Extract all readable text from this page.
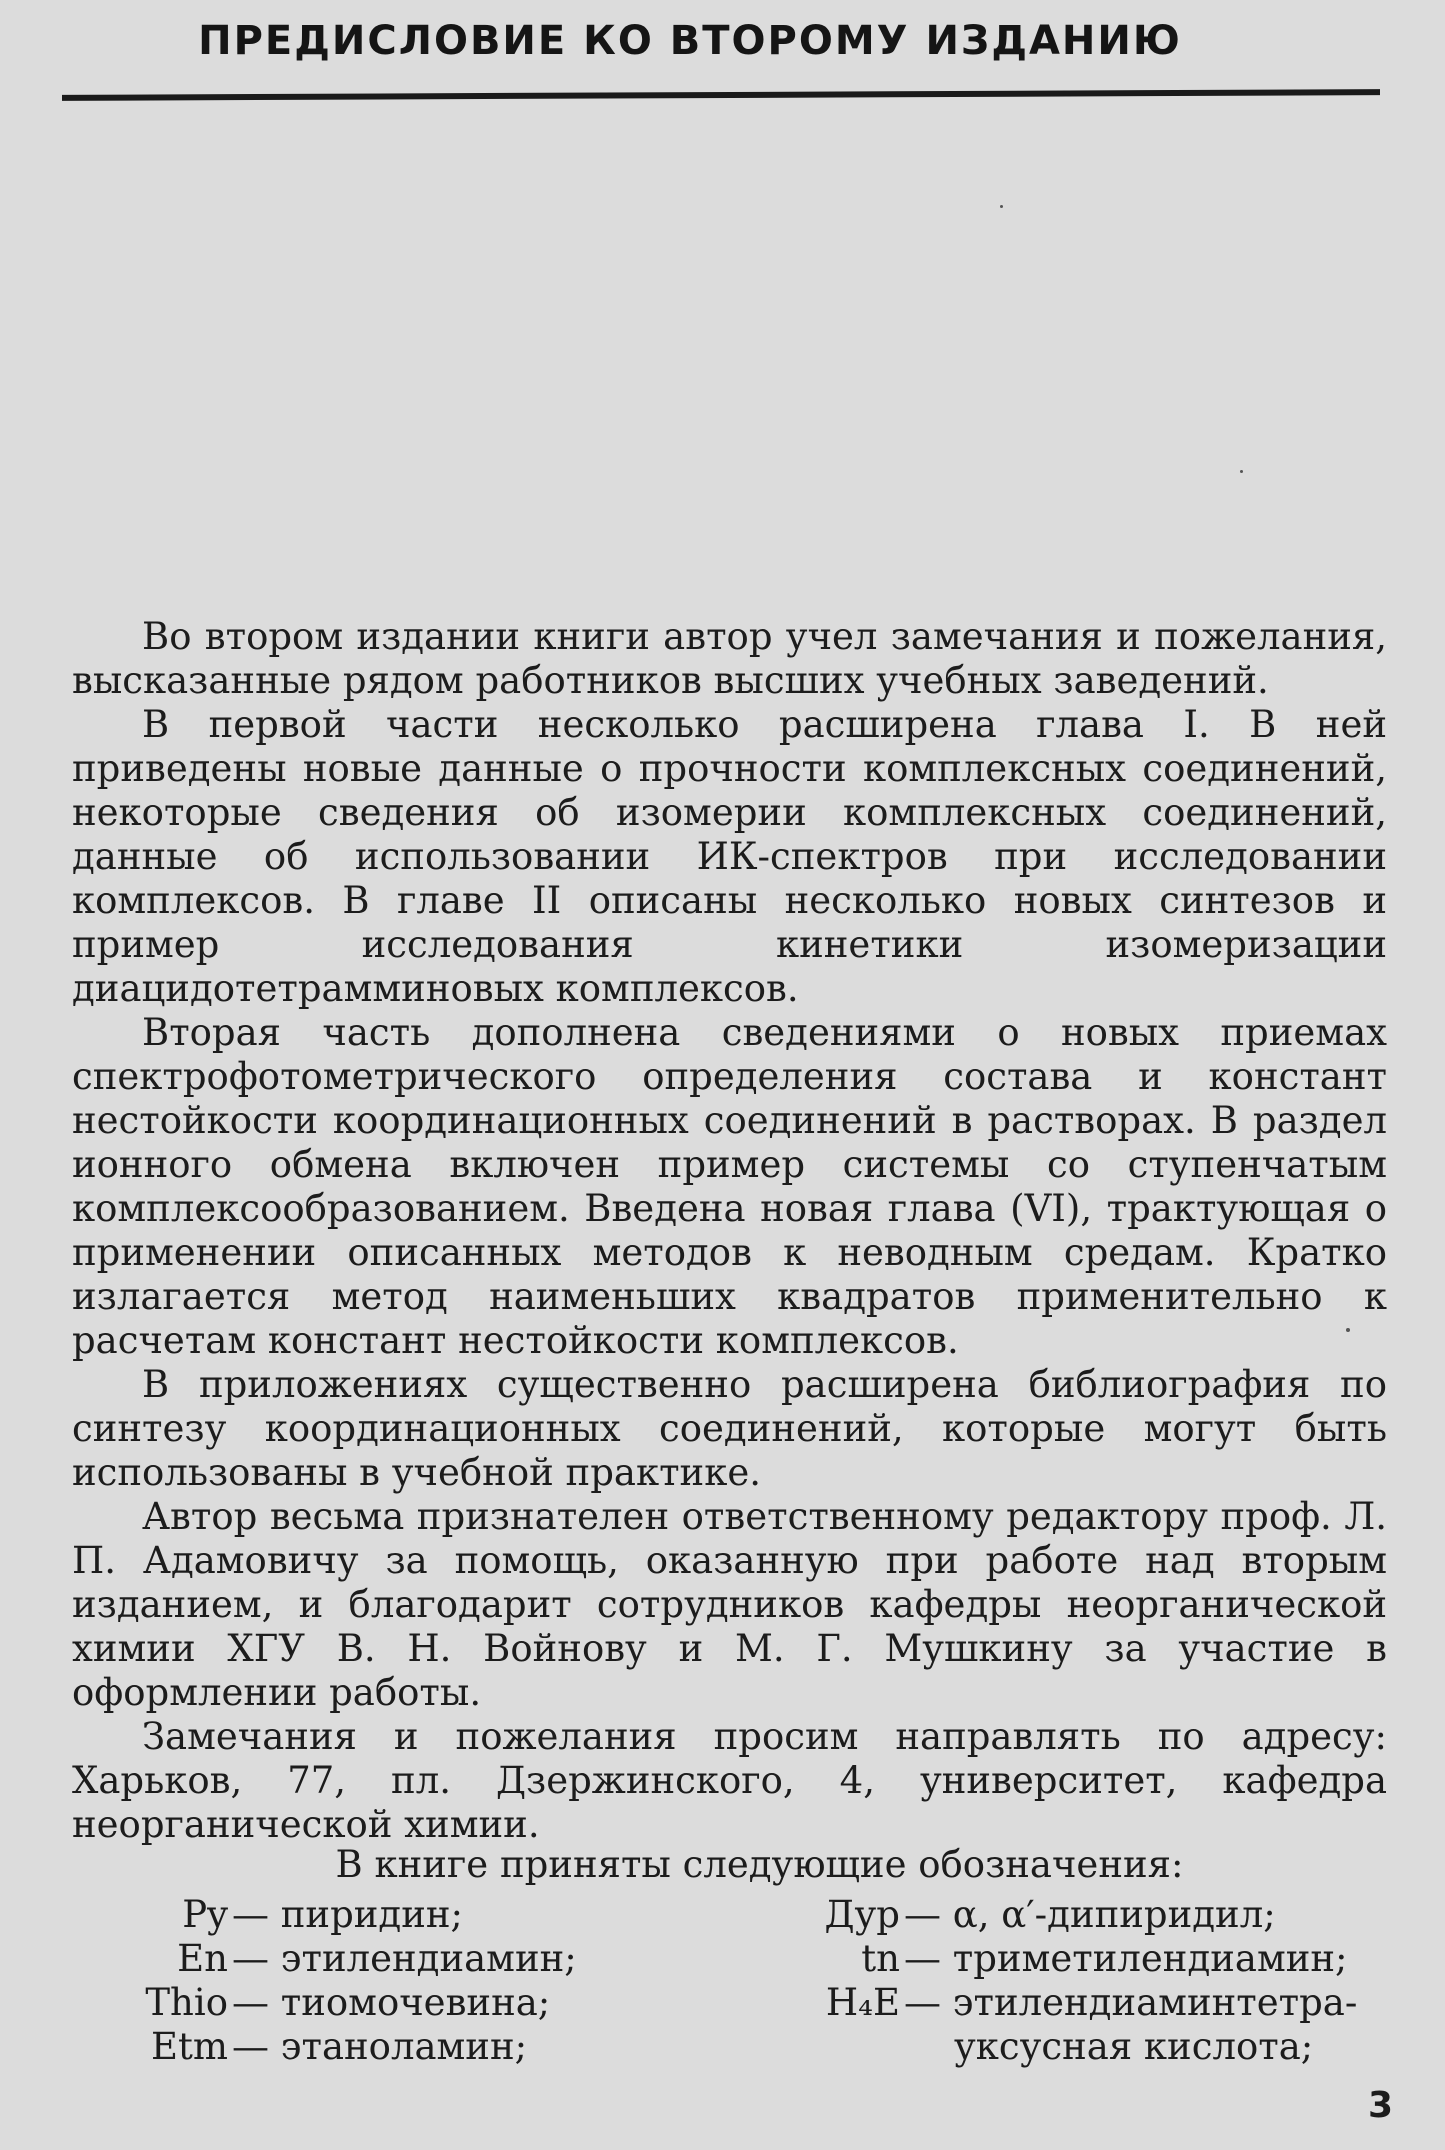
ПРЕДИСЛОВИЕ КО ВТОРОМУ ИЗДАНИЮ

Во втором издании книги автор учел замечания и пожелания, высказанные рядом работников высших учебных заведений.

В первой части несколько расширена глава I. В ней приведены новые данные о прочности комплексных соединений, некоторые сведения об изомерии комплексных соединений, данные об использовании ИК-спектров при исследовании комплексов. В главе II описаны несколько новых синтезов и пример исследования кинетики изомеризации диацидотетрамминовых комплексов.

Вторая часть дополнена сведениями о новых приемах спектрофотометрического определения состава и констант нестойкости координационных соединений в растворах. В раздел ионного обмена включен пример системы со ступенчатым комплексообразованием. Введена новая глава (VI), трактующая о применении описанных методов к неводным средам. Кратко излагается метод наименьших квадратов применительно к расчетам констант нестойкости комплексов.

В приложениях существенно расширена библиография по синтезу координационных соединений, которые могут быть использованы в учебной практике.

Автор весьма признателен ответственному редактору проф. Л. П. Адамовичу за помощь, оказанную при работе над вторым изданием, и благодарит сотрудников кафедры неорганической химии ХГУ В. Н. Войнову и М. Г. Мушкину за участие в оформлении работы.

Замечания и пожелания просим направлять по адресу: Харьков, 77, пл. Дзержинского, 4, университет, кафедра неорганической химии.

В книге приняты следующие обозначения:
Py — пиридин;
En — этилендиамин;
Thio — тиомочевина;
Etm — этаноламин;
Дур — α, α′-дипиридил;
tn — триметилендиамин;
H₄E — этилендиаминтетра-
уксусная кислота;
3
